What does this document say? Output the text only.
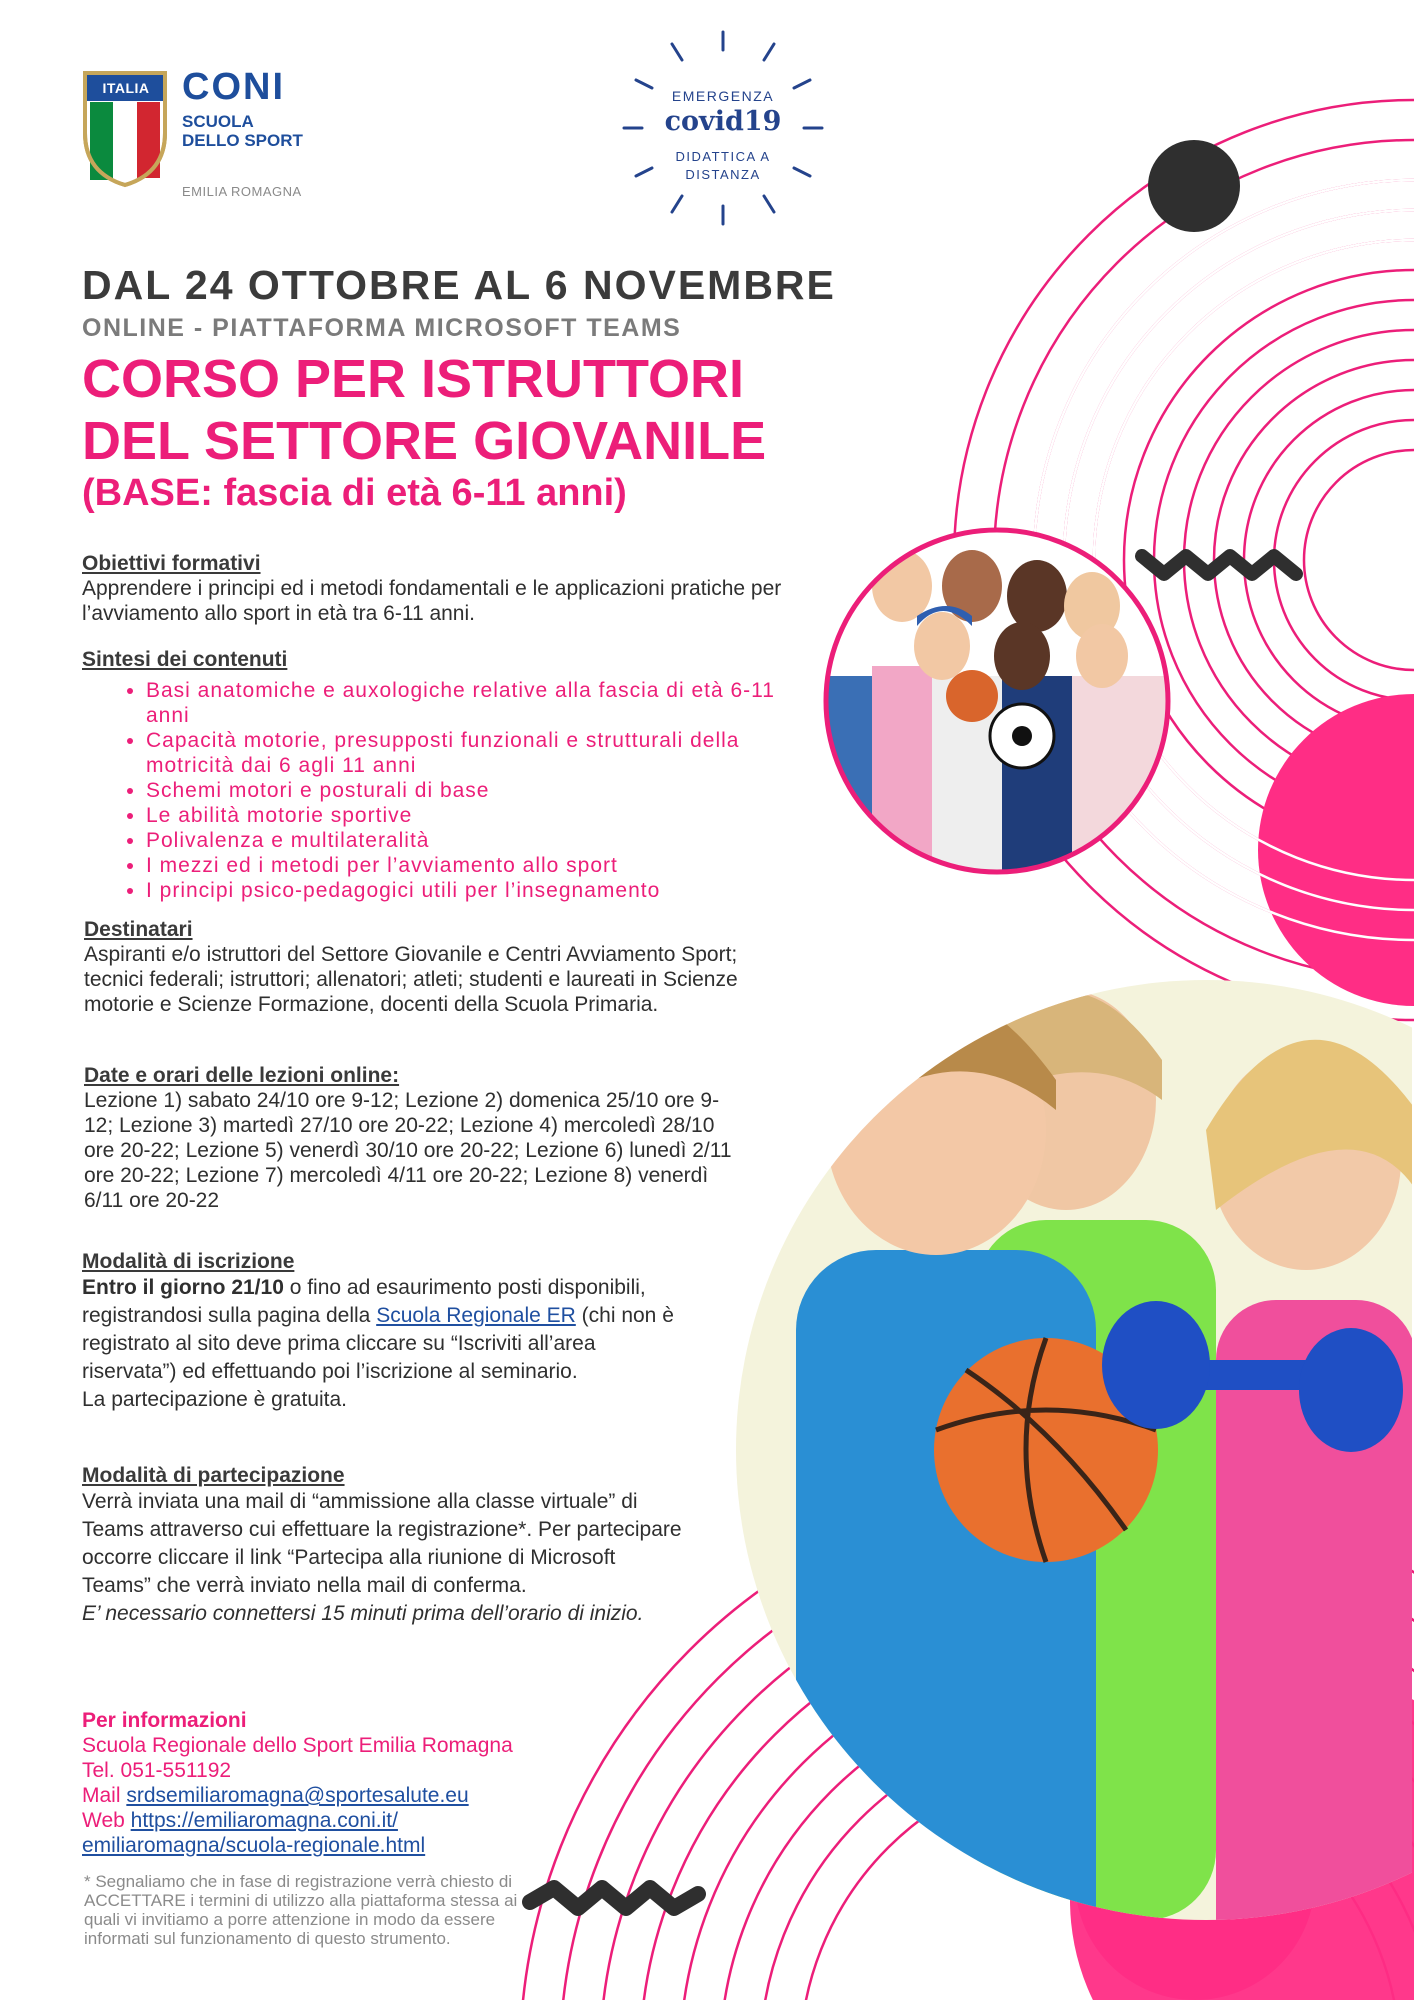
ITALIA CONI
SCUOLA
DELLO SPORT
EMILIA ROMAGNA
EMERGENZA
covid19
DIDATTICA A
DISTANZA
DAL 24 OTTOBRE AL 6 NOVEMBRE
ONLINE - PIATTAFORMA MICROSOFT TEAMS
CORSO PER ISTRUTTORI
DEL SETTORE GIOVANILE
(BASE: fascia di età 6-11 anni)
Obiettivi formativi
Apprendere i principi ed i metodi fondamentali e le applicazioni pratiche per l’avviamento allo sport in età tra 6-11 anni.
Sintesi dei contenuti
• Basi anatomiche e auxologiche relative alla fascia di età 6-11 anni
• Capacità motorie, presupposti funzionali e strutturali della motricità dai 6 agli 11 anni
• Schemi motori e posturali di base
• Le abilità motorie sportive
• Polivalenza e multilateralità
• I mezzi ed i metodi per l’avviamento allo sport
• I principi psico-pedagogici utili per l’insegnamento
Destinatari
Aspiranti e/o istruttori del Settore Giovanile e Centri Avviamento Sport; tecnici federali; istruttori; allenatori; atleti; studenti e laureati in Scienze motorie e Scienze Formazione, docenti della Scuola Primaria.
Date e orari delle lezioni online:
Lezione 1) sabato 24/10 ore 9-12; Lezione 2) domenica 25/10 ore 9-12; Lezione 3) martedì 27/10 ore 20-22; Lezione 4) mercoledì 28/10 ore 20-22; Lezione 5) venerdì 30/10 ore 20-22; Lezione 6) lunedì 2/11 ore 20-22; Lezione 7) mercoledì 4/11 ore 20-22; Lezione 8) venerdì 6/11 ore 20-22
Modalità di iscrizione
Entro il giorno 21/10 o fino ad esaurimento posti disponibili, registrandosi sulla pagina della Scuola Regionale ER (chi non è registrato al sito deve prima cliccare su “Iscriviti all’area riservata”) ed effettuando poi l’iscrizione al seminario.
La partecipazione è gratuita.
Modalità di partecipazione
Verrà inviata una mail di “ammissione alla classe virtuale” di Teams attraverso cui effettuare la registrazione*. Per partecipare occorre cliccare il link “Partecipa alla riunione di Microsoft Teams” che verrà inviato nella mail di conferma.
E’ necessario connettersi 15 minuti prima dell’orario di inizio.
Per informazioni
Scuola Regionale dello Sport Emilia Romagna
Tel. 051-551192
Mail srdsemiliaromagna@sportesalute.eu
Web https://emiliaromagna.coni.it/
emiliaromagna/scuola-regionale.html
* Segnaliamo che in fase di registrazione verrà chiesto di ACCETTARE i termini di utilizzo alla piattaforma stessa ai quali vi invitiamo a porre attenzione in modo da essere informati sul funzionamento di questo strumento.
